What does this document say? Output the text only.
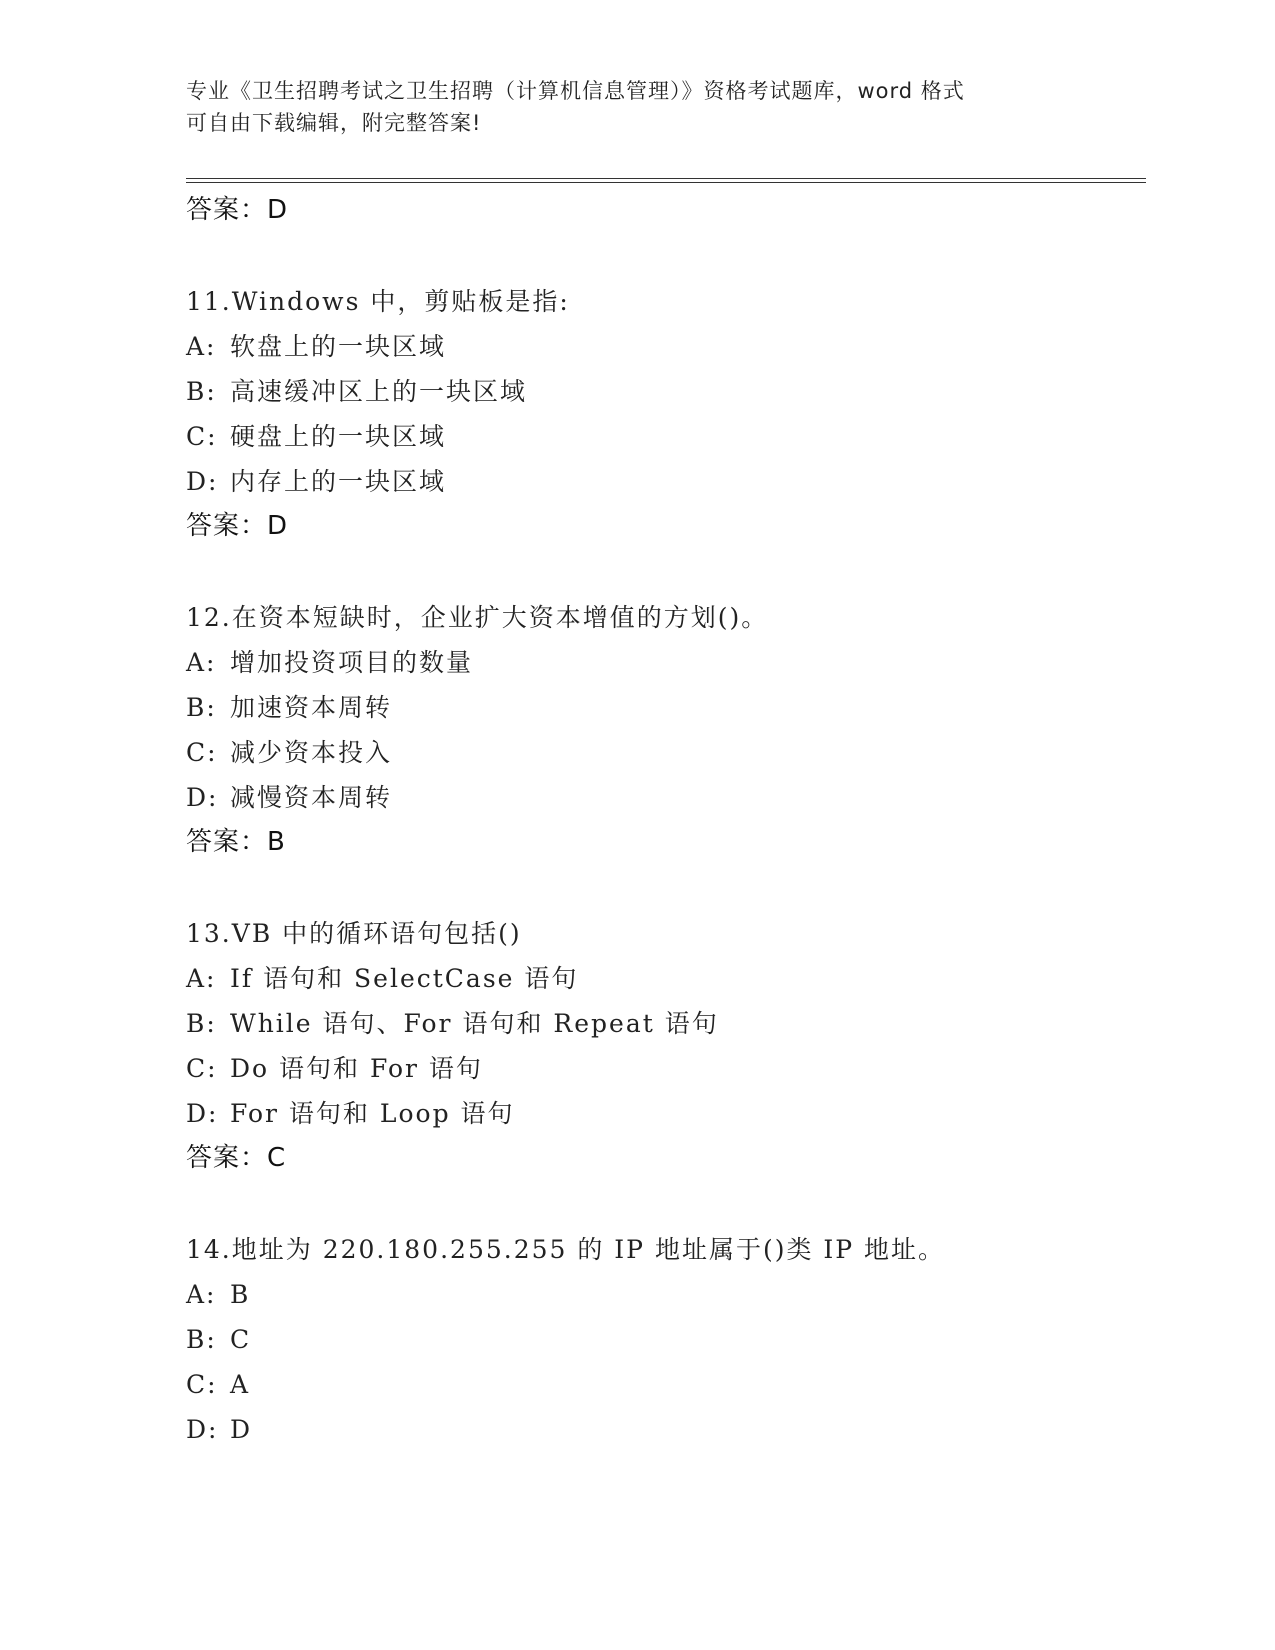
专业《卫生招聘考试之卫生招聘（计算机信息管理）》资格考试题库，word 格式
可自由下载编辑，附完整答案!
答案：D
11.Windows 中，剪贴板是指:
A: 软盘上的一块区域
B: 高速缓冲区上的一块区域
C: 硬盘上的一块区域
D: 内存上的一块区域
答案：D
12.在资本短缺时，企业扩大资本增值的方划()。
A: 增加投资项目的数量
B: 加速资本周转
C: 减少资本投入
D: 减慢资本周转
答案：B
13.VB 中的循环语句包括()
A: If 语句和 SelectCase 语句
B: While 语句、For 语句和 Repeat 语句
C: Do 语句和 For 语句
D: For 语句和 Loop 语句
答案：C
14.地址为 220.180.255.255 的 IP 地址属于()类 IP 地址。
A: B
B: C
C: A
D: D
